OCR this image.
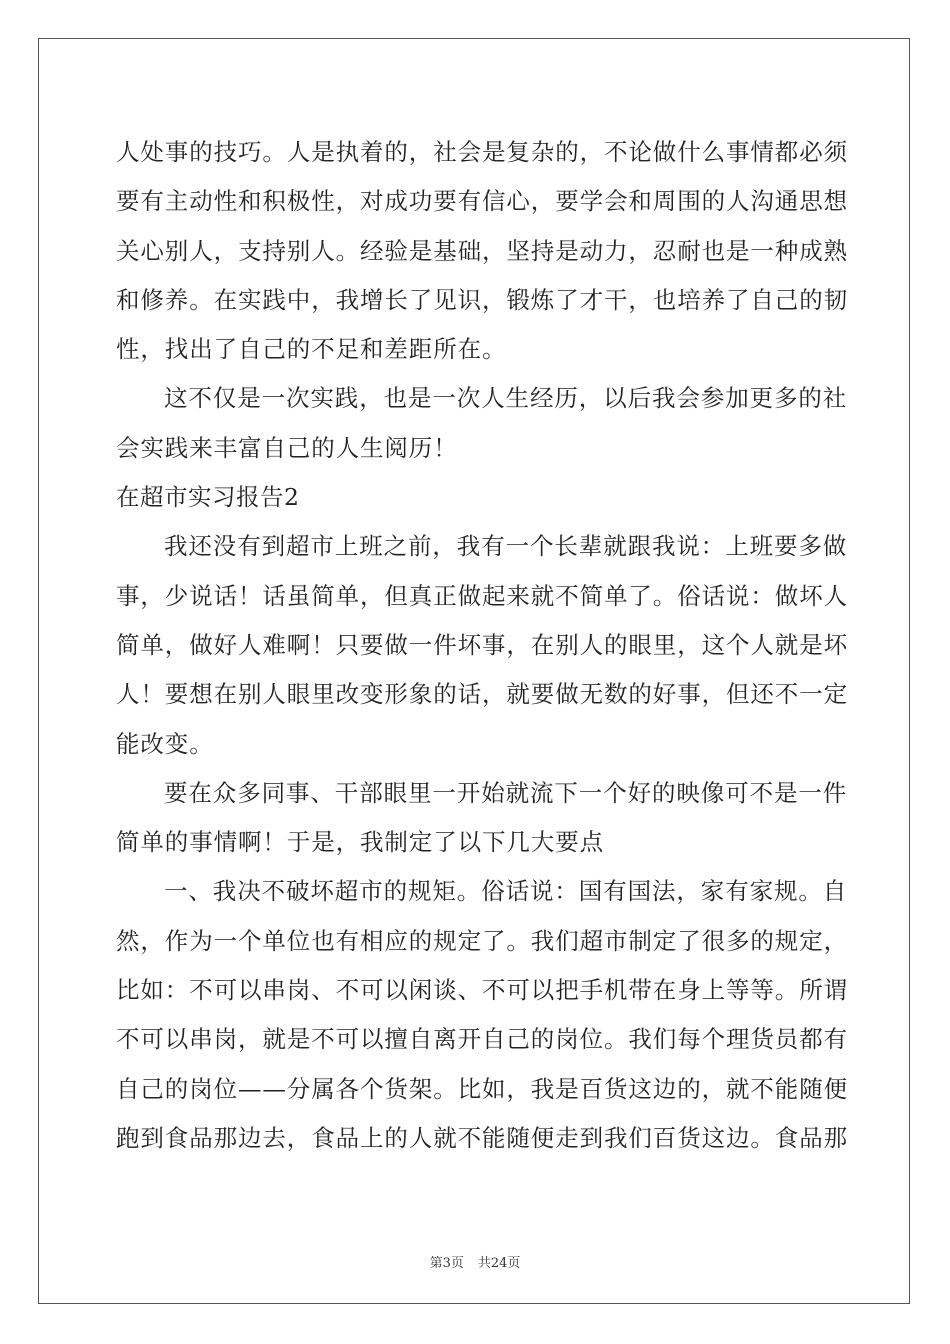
人处事的技巧。人是执着的，社会是复杂的，不论做什么事情都必须
要有主动性和积极性，对成功要有信心，要学会和周围的人沟通思想
关心别人，支持别人。经验是基础，坚持是动力，忍耐也是一种成熟
和修养。在实践中，我增长了见识，锻炼了才干，也培养了自己的韧
性，找出了自己的不足和差距所在。
这不仅是一次实践，也是一次人生经历，以后我会参加更多的社
会实践来丰富自己的人生阅历！
在超市实习报告2
我还没有到超市上班之前，我有一个长辈就跟我说：上班要多做
事，少说话！话虽简单，但真正做起来就不简单了。俗话说：做坏人
简单，做好人难啊！只要做一件坏事，在别人的眼里，这个人就是坏
人！要想在别人眼里改变形象的话，就要做无数的好事，但还不一定
能改变。
要在众多同事、干部眼里一开始就流下一个好的映像可不是一件
简单的事情啊！于是，我制定了以下几大要点
一、我决不破坏超市的规矩。俗话说：国有国法，家有家规。自
然，作为一个单位也有相应的规定了。我们超市制定了很多的规定，
比如：不可以串岗、不可以闲谈、不可以把手机带在身上等等。所谓
不可以串岗，就是不可以擅自离开自己的岗位。我们每个理货员都有
自己的岗位——分属各个货架。比如，我是百货这边的，就不能随便
跑到食品那边去，食品上的人就不能随便走到我们百货这边。食品那
第3页 共24页
